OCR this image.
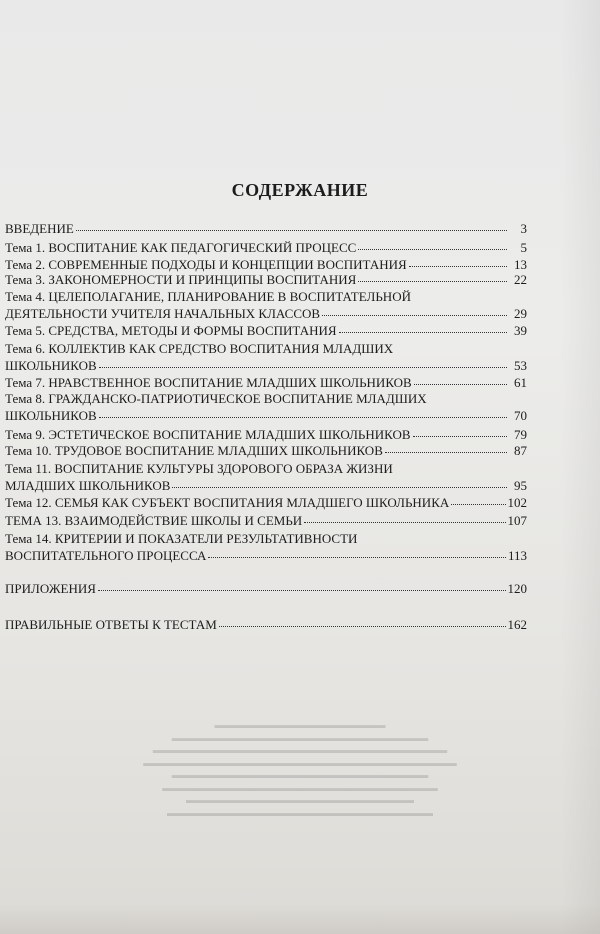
СОДЕРЖАНИЕ
ВВЕДЕНИЕ	3
Тема 1. ВОСПИТАНИЕ КАК ПЕДАГОГИЧЕСКИЙ ПРОЦЕСС	5
Тема 2. СОВРЕМЕННЫЕ ПОДХОДЫ И КОНЦЕПЦИИ ВОСПИТАНИЯ	13
Тема 3. ЗАКОНОМЕРНОСТИ И ПРИНЦИПЫ ВОСПИТАНИЯ	22
Тема 4. ЦЕЛЕПОЛАГАНИЕ, ПЛАНИРОВАНИЕ В ВОСПИТАТЕЛЬНОЙ
ДЕЯТЕЛЬНОСТИ УЧИТЕЛЯ НАЧАЛЬНЫХ КЛАССОВ	29
Тема 5. СРЕДСТВА, МЕТОДЫ И ФОРМЫ ВОСПИТАНИЯ	39
Тема 6. КОЛЛЕКТИВ КАК СРЕДСТВО ВОСПИТАНИЯ МЛАДШИХ
ШКОЛЬНИКОВ	53
Тема 7. НРАВСТВЕННОЕ ВОСПИТАНИЕ МЛАДШИХ ШКОЛЬНИКОВ	61
Тема 8. ГРАЖДАНСКО-ПАТРИОТИЧЕСКОЕ ВОСПИТАНИЕ МЛАДШИХ
ШКОЛЬНИКОВ	70
Тема 9. ЭСТЕТИЧЕСКОЕ ВОСПИТАНИЕ МЛАДШИХ ШКОЛЬНИКОВ	79
Тема 10. ТРУДОВОЕ ВОСПИТАНИЕ МЛАДШИХ ШКОЛЬНИКОВ	87
Тема 11. ВОСПИТАНИЕ КУЛЬТУРЫ ЗДОРОВОГО ОБРАЗА ЖИЗНИ
МЛАДШИХ ШКОЛЬНИКОВ	95
Тема 12. СЕМЬЯ КАК СУБЪЕКТ ВОСПИТАНИЯ МЛАДШЕГО ШКОЛЬНИКА	102
ТЕМА 13. ВЗАИМОДЕЙСТВИЕ ШКОЛЫ И СЕМЬИ	107
Тема 14. КРИТЕРИИ И ПОКАЗАТЕЛИ РЕЗУЛЬТАТИВНОСТИ
ВОСПИТАТЕЛЬНОГО ПРОЦЕССА	113
ПРИЛОЖЕНИЯ	120
ПРАВИЛЬНЫЕ ОТВЕТЫ К ТЕСТАМ	162
▬▬▬▬▬▬▬▬▬▬▬▬▬▬▬▬▬▬
▬▬▬▬▬▬▬▬▬▬▬▬▬▬▬▬▬▬▬▬▬▬▬▬▬▬▬
▬▬▬▬▬▬▬▬▬▬▬▬▬▬▬▬▬▬▬▬▬▬▬▬▬▬▬▬▬▬▬
▬▬▬▬▬▬▬▬▬▬▬▬▬▬▬▬▬▬▬▬▬▬▬▬▬▬▬▬▬▬▬▬▬
▬▬▬▬▬▬▬▬▬▬▬▬▬▬▬▬▬▬▬▬▬▬▬▬▬▬▬
▬▬▬▬▬▬▬▬▬▬▬▬▬▬▬▬▬▬▬▬▬▬▬▬▬▬▬▬▬
▬▬▬▬▬▬▬▬▬▬▬▬▬▬▬▬▬▬▬▬▬▬▬▬
▬▬▬▬▬▬▬▬▬▬▬▬▬▬▬▬▬▬▬▬▬▬▬▬▬▬▬▬
